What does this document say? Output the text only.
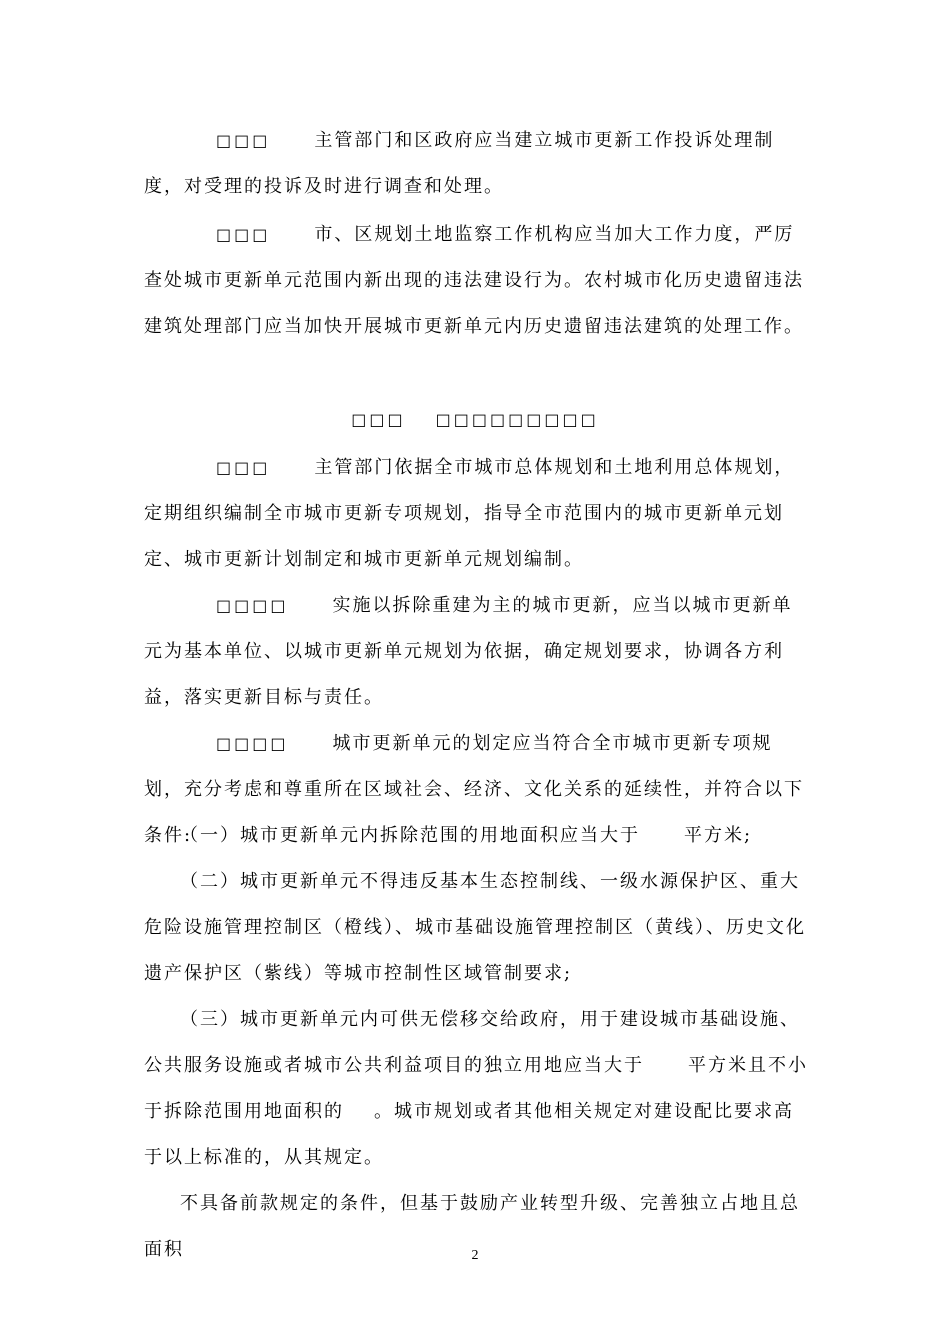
□□□ 主管部门和区政府应当建立城市更新工作投诉处理制度，对受理的投诉及时进行调查和处理。

□□□ 市、区规划土地监察工作机构应当加大工作力度，严厉查处城市更新单元范围内新出现的违法建设行为。农村城市化历史遗留违法建筑处理部门应当加快开展城市更新单元内历史遗留违法建筑的处理工作。

□□□ □□□□□□□□□

□□□ 主管部门依据全市城市总体规划和土地利用总体规划，定期组织编制全市城市更新专项规划，指导全市范围内的城市更新单元划定、城市更新计划制定和城市更新单元规划编制。

□□□□ 实施以拆除重建为主的城市更新，应当以城市更新单元为基本单位、以城市更新单元规划为依据，确定规划要求，协调各方利益，落实更新目标与责任。

□□□□ 城市更新单元的划定应当符合全市城市更新专项规划，充分考虑和尊重所在区域社会、经济、文化关系的延续性，并符合以下条件:

（一）城市更新单元内拆除范围的用地面积应当大于 平方米;

（二）城市更新单元不得违反基本生态控制线、一级水源保护区、重大危险设施管理控制区（橙线）、城市基础设施管理控制区（黄线）、历史文化遗产保护区（紫线）等城市控制性区域管制要求;

（三）城市更新单元内可供无偿移交给政府，用于建设城市基础设施、公共服务设施或者城市公共利益项目的独立用地应当大于 平方米且不小于拆除范围用地面积的 。城市规划或者其他相关规定对建设配比要求高于以上标准的，从其规定。

不具备前款规定的条件，但基于鼓励产业转型升级、完善独立占地且总面积	2
